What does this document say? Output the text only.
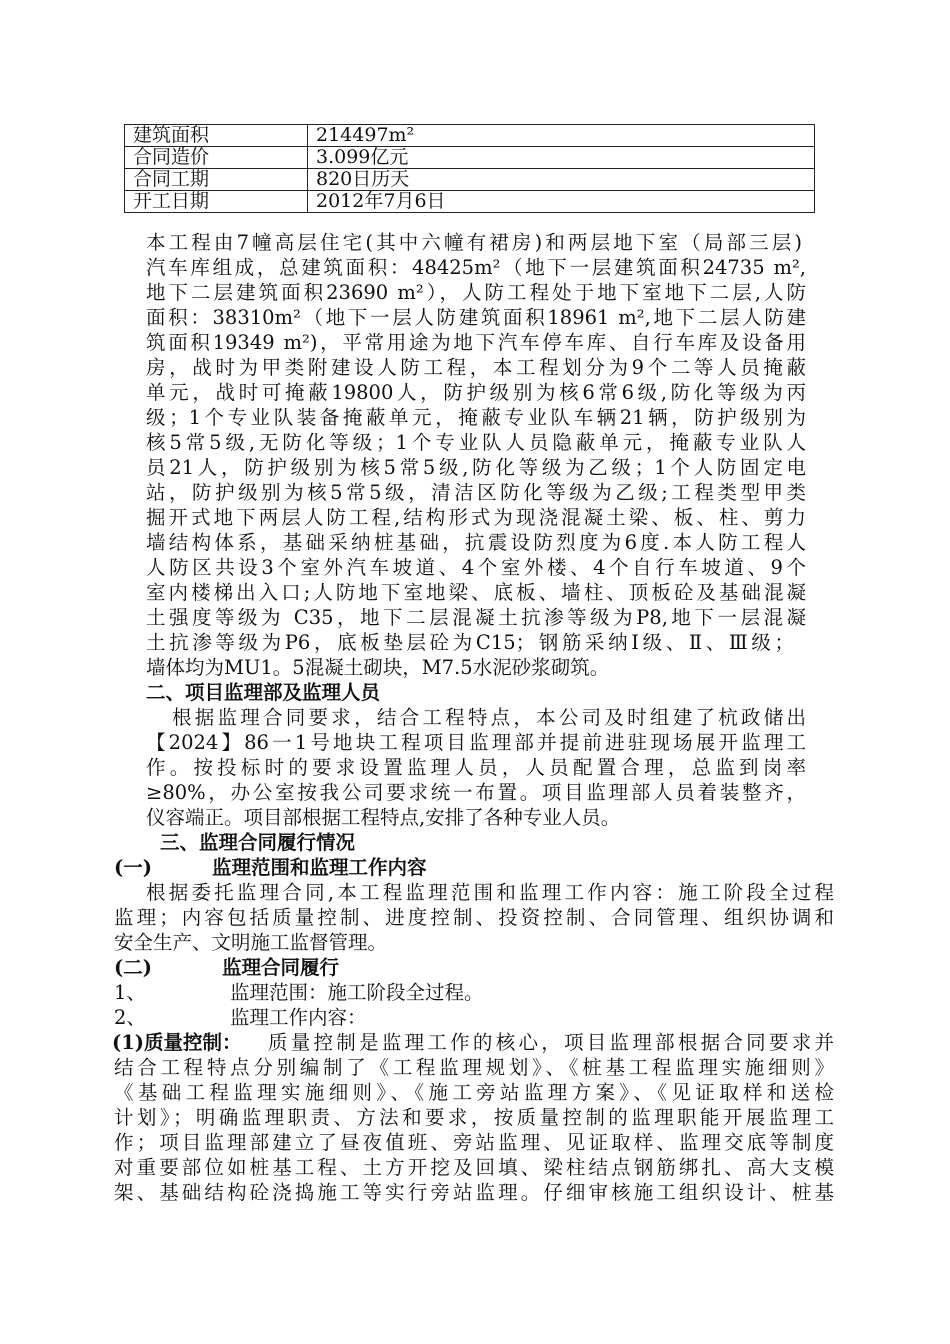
建筑面积	214497m²
合同造价	3.099亿元
合同工期	820日历天
开工日期	2012年7月6日
本工程由7幢高层住宅(其中六幢有裙房)和两层地下室（局部三层)
汽车库组成，总建筑面积：48425m²（地下一层建筑面积24735 m²,
地下二层建筑面积23690 m²），人防工程处于地下室地下二层,人防
面积：38310m²（地下一层人防建筑面积18961 m²,地下二层人防建
筑面积19349 m²)，平常用途为地下汽车停车库、自行车库及设备用
房，战时为甲类附建设人防工程，本工程划分为9个二等人员掩蔽
单元，战时可掩蔽19800人，防护级别为核6常6级,防化等级为丙
级；1个专业队装备掩蔽单元，掩蔽专业队车辆21辆，防护级别为
核5常5级,无防化等级；1个专业队人员隐蔽单元，掩蔽专业队人
员21人，防护级别为核5常5级,防化等级为乙级；1个人防固定电
站，防护级别为核5常5级，清洁区防化等级为乙级;工程类型甲类
掘开式地下两层人防工程,结构形式为现浇混凝土梁、板、柱、剪力
墙结构体系，基础采纳桩基础，抗震设防烈度为6度.本人防工程人
人防区共设3个室外汽车坡道、4个室外楼、4个自行车坡道、9个
室内楼梯出入口;人防地下室地梁、底板、墙柱、顶板砼及基础混凝
土强度等级为 C35，地下二层混凝土抗渗等级为P8,地下一层混凝
土抗渗等级为P6，底板垫层砼为C15；钢筋采纳Ⅰ级、Ⅱ、Ⅲ级；
墙体均为MU1。5混凝土砌块，M7.5水泥砂浆砌筑。
二、项目监理部及监理人员
根据监理合同要求，结合工程特点，本公司及时组建了杭政储出
【2024】86一1号地块工程项目监理部并提前进驻现场展开监理工
作。按投标时的要求设置监理人员，人员配置合理，总监到岗率
≥80%，办公室按我公司要求统一布置。项目监理部人员着装整齐，
仪容端正。项目部根据工程特点,安排了各种专业人员。
三、监理合同履行情况
(一)	监理范围和监理工作内容
根据委托监理合同,本工程监理范围和监理工作内容：施工阶段全过程
监理；内容包括质量控制、进度控制、投资控制、合同管理、组织协调和
安全生产、文明施工监督管理。
(二)	监理合同履行
1、	监理范围：施工阶段全过程。
2、	监理工作内容：
(1)质量控制： 质量控制是监理工作的核心，项目监理部根据合同要求并
结合工程特点分别编制了《工程监理规划》、《桩基工程监理实施细则》
《基础工程监理实施细则》、《施工旁站监理方案》、《见证取样和送检
计划》；明确监理职责、方法和要求，按质量控制的监理职能开展监理工
作；项目监理部建立了昼夜值班、旁站监理、见证取样、监理交底等制度
对重要部位如桩基工程、土方开挖及回填、梁柱结点钢筋绑扎、高大支模
架、基础结构砼浇捣施工等实行旁站监理。仔细审核施工组织设计、桩基
